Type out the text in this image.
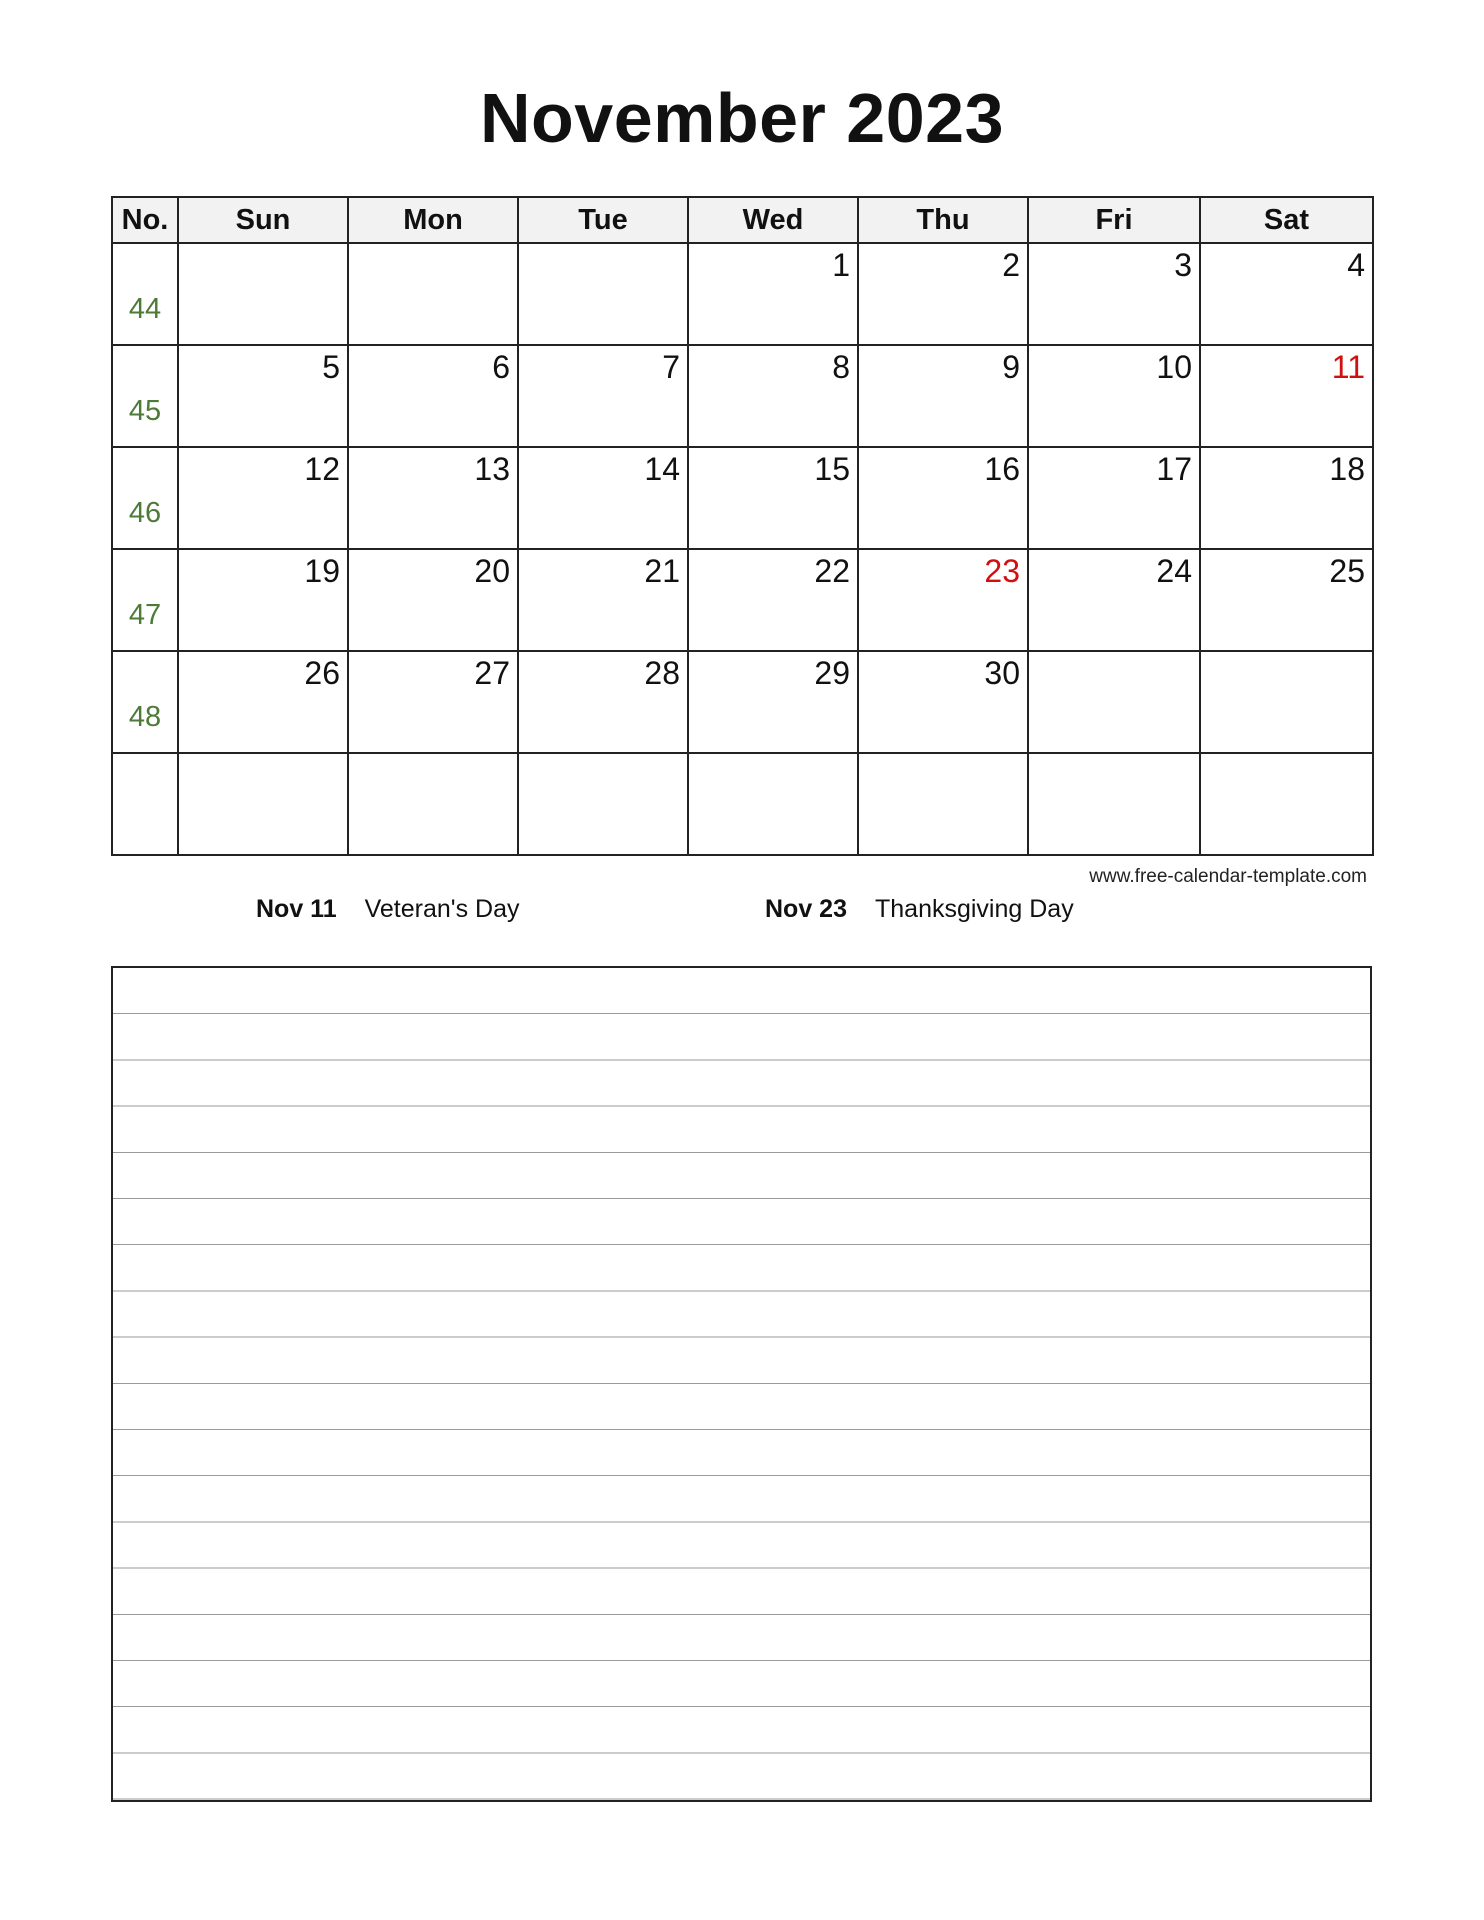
November 2023
No.	Sun	Mon	Tue	Wed	Thu	Fri	Sat
44				1	2	3	4

45	5	6	7	8	9	10	11

46	12	13	14	15	16	17	18

47	19	20	21	22	23	24	25

48	26	27	28	29	30		

www.free-calendar-template.com
Nov 11 Veteran's Day	Nov 23 Thanksgiving Day
